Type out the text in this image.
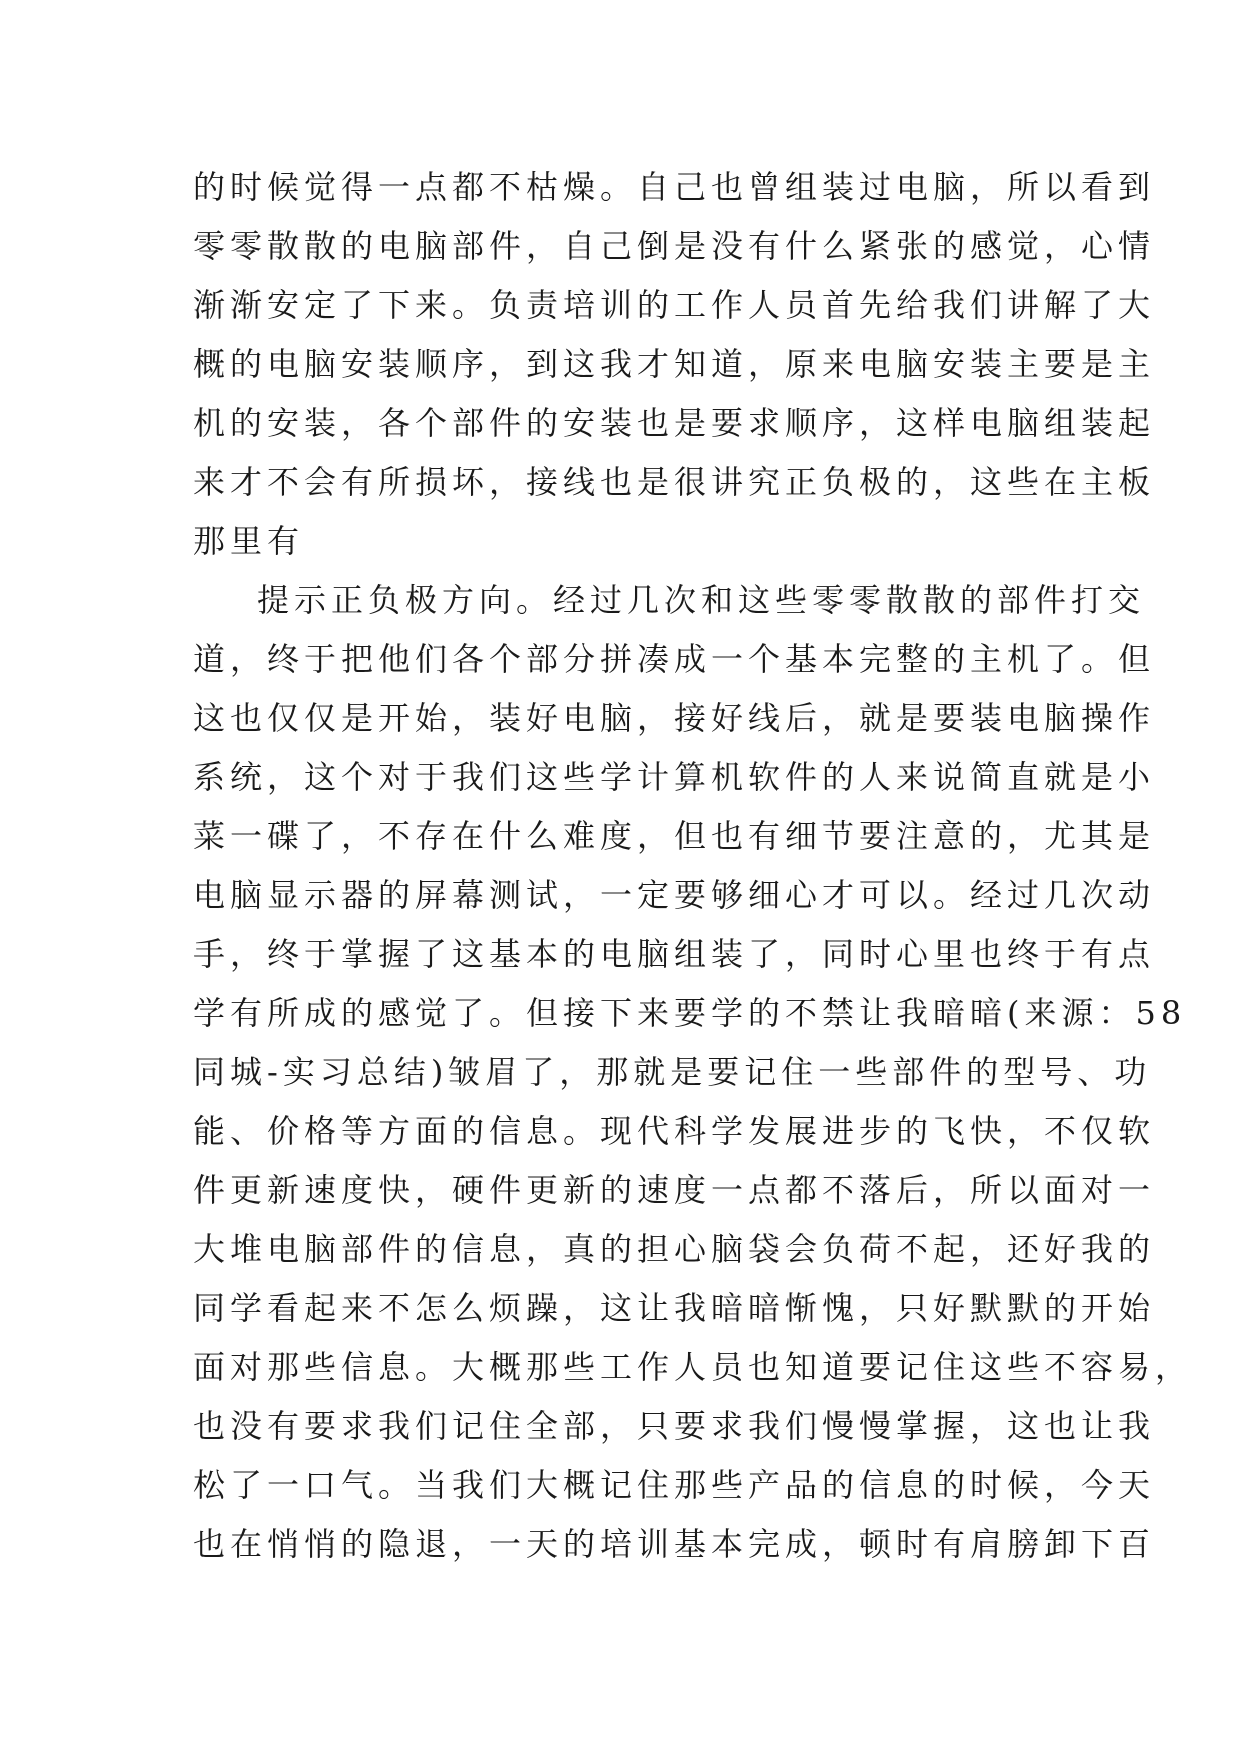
的时候觉得一点都不枯燥。自己也曾组装过电脑，所以看到
零零散散的电脑部件，自己倒是没有什么紧张的感觉，心情
渐渐安定了下来。负责培训的工作人员首先给我们讲解了大
概的电脑安装顺序，到这我才知道，原来电脑安装主要是主
机的安装，各个部件的安装也是要求顺序，这样电脑组装起
来才不会有所损坏，接线也是很讲究正负极的，这些在主板
那里有
提示正负极方向。经过几次和这些零零散散的部件打交
道，终于把他们各个部分拼凑成一个基本完整的主机了。但
这也仅仅是开始，装好电脑，接好线后，就是要装电脑操作
系统，这个对于我们这些学计算机软件的人来说简直就是小
菜一碟了，不存在什么难度，但也有细节要注意的，尤其是
电脑显示器的屏幕测试，一定要够细心才可以。经过几次动
手，终于掌握了这基本的电脑组装了，同时心里也终于有点
学有所成的感觉了。但接下来要学的不禁让我暗暗(来源：58
同城-实习总结)皱眉了，那就是要记住一些部件的型号、功
能、价格等方面的信息。现代科学发展进步的飞快，不仅软
件更新速度快，硬件更新的速度一点都不落后，所以面对一
大堆电脑部件的信息，真的担心脑袋会负荷不起，还好我的
同学看起来不怎么烦躁，这让我暗暗惭愧，只好默默的开始
面对那些信息。大概那些工作人员也知道要记住这些不容易，
也没有要求我们记住全部，只要求我们慢慢掌握，这也让我
松了一口气。当我们大概记住那些产品的信息的时候，今天
也在悄悄的隐退，一天的培训基本完成，顿时有肩膀卸下百
